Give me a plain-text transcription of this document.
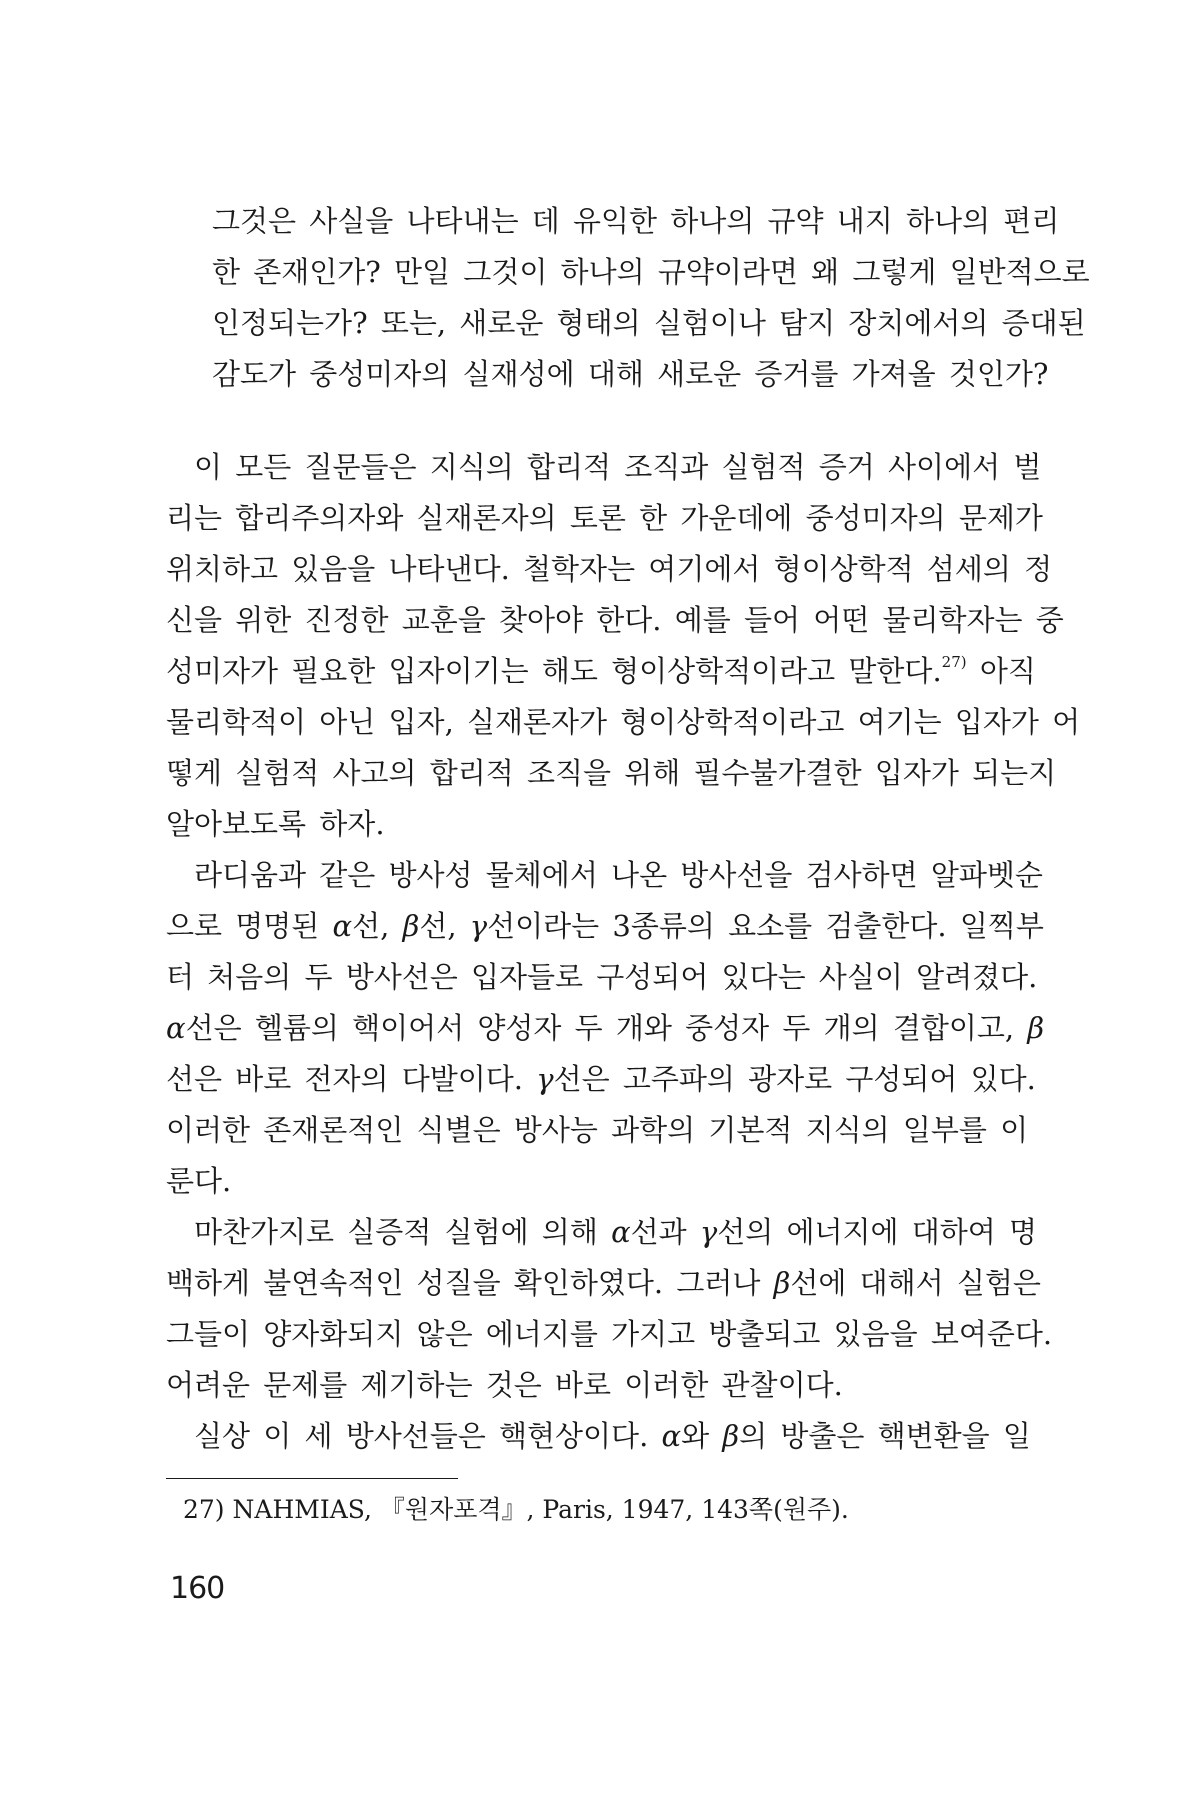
그것은 사실을 나타내는 데 유익한 하나의 규약 내지 하나의 편리
한 존재인가? 만일 그것이 하나의 규약이라면 왜 그렇게 일반적으로
인정되는가? 또는, 새로운 형태의 실험이나 탐지 장치에서의 증대된
감도가 중성미자의 실재성에 대해 새로운 증거를 가져올 것인가?
이 모든 질문들은 지식의 합리적 조직과 실험적 증거 사이에서 벌
리는 합리주의자와 실재론자의 토론 한 가운데에 중성미자의 문제가
위치하고 있음을 나타낸다. 철학자는 여기에서 형이상학적 섬세의 정
신을 위한 진정한 교훈을 찾아야 한다. 예를 들어 어떤 물리학자는 중
성미자가 필요한 입자이기는 해도 형이상학적이라고 말한다.$^{27)}$ 아직
물리학적이 아닌 입자, 실재론자가 형이상학적이라고 여기는 입자가 어
떻게 실험적 사고의 합리적 조직을 위해 필수불가결한 입자가 되는지
알아보도록 하자.
라디움과 같은 방사성 물체에서 나온 방사선을 검사하면 알파벳순
으로 명명된 α선, β선, γ선이라는 3종류의 요소를 검출한다. 일찍부
터 처음의 두 방사선은 입자들로 구성되어 있다는 사실이 알려졌다.
α선은 헬륨의 핵이어서 양성자 두 개와 중성자 두 개의 결합이고, β
선은 바로 전자의 다발이다. γ선은 고주파의 광자로 구성되어 있다.
이러한 존재론적인 식별은 방사능 과학의 기본적 지식의 일부를 이
룬다.
마찬가지로 실증적 실험에 의해 α선과 γ선의 에너지에 대하여 명
백하게 불연속적인 성질을 확인하였다. 그러나 β선에 대해서 실험은
그들이 양자화되지 않은 에너지를 가지고 방출되고 있음을 보여준다.
어려운 문제를 제기하는 것은 바로 이러한 관찰이다.
실상 이 세 방사선들은 핵현상이다. α와 β의 방출은 핵변환을 일
27) NAHMIAS, 『원자포격』, Paris, 1947, 143쪽(원주).
160
